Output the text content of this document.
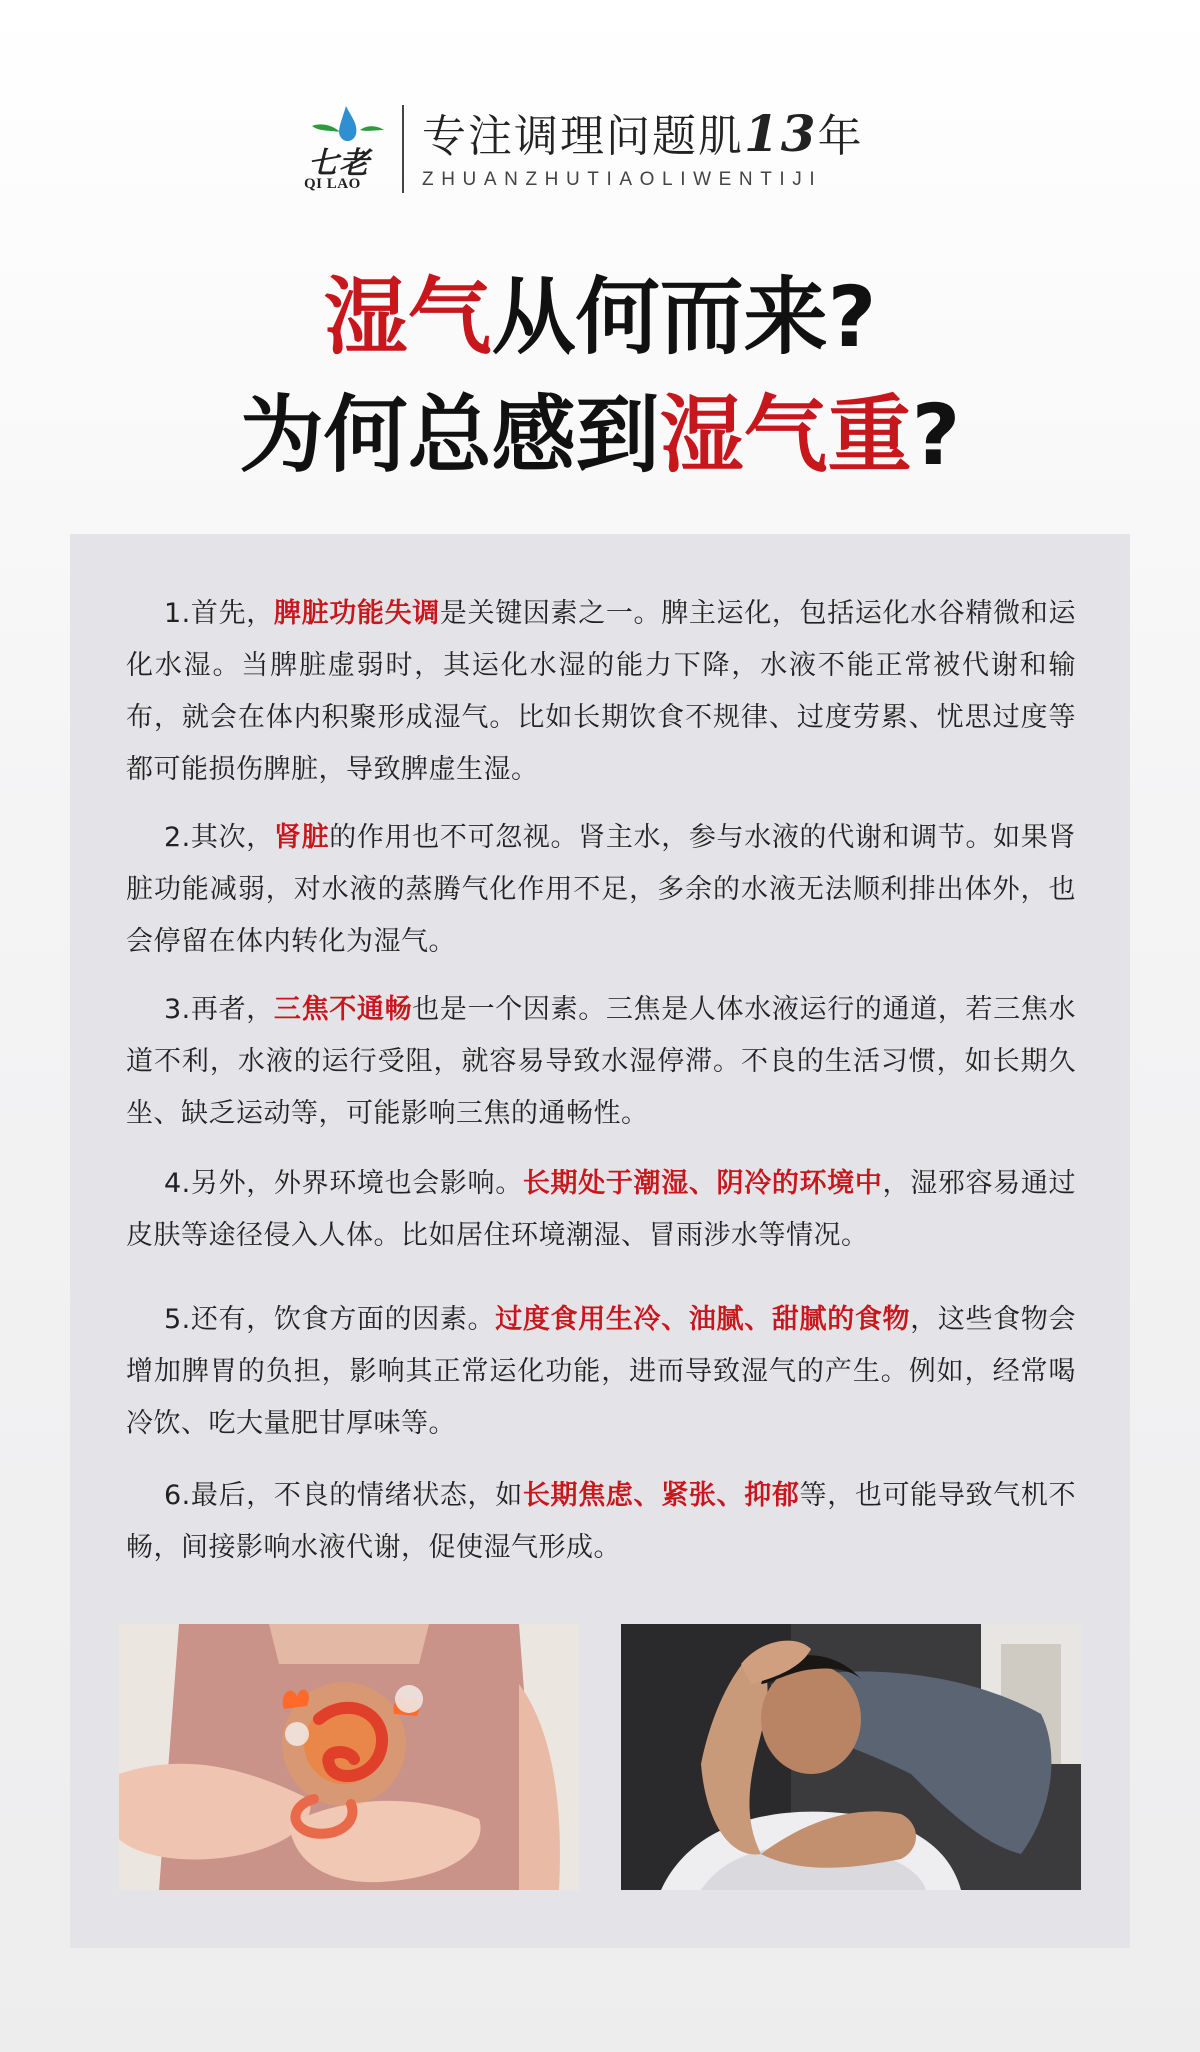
七老
QI LAO
专注调理问题肌13年
ZHUANZHUTIAOLIWENTIJI
湿气从何而来?
为何总感到湿气重?
1.首先，脾脏功能失调是关键因素之一。脾主运化，包括运化水谷精微和运化水湿。当脾脏虚弱时，其运化水湿的能力下降，水液不能正常被代谢和输布，就会在体内积聚形成湿气。比如长期饮食不规律、过度劳累、忧思过度等都可能损伤脾脏，导致脾虚生湿。
2.其次，肾脏的作用也不可忽视。肾主水，参与水液的代谢和调节。如果肾脏功能减弱，对水液的蒸腾气化作用不足，多余的水液无法顺利排出体外，也会停留在体内转化为湿气。
3.再者，三焦不通畅也是一个因素。三焦是人体水液运行的通道，若三焦水道不利，水液的运行受阻，就容易导致水湿停滞。不良的生活习惯，如长期久坐、缺乏运动等，可能影响三焦的通畅性。
4.另外，外界环境也会影响。长期处于潮湿、阴冷的环境中，湿邪容易通过皮肤等途径侵入人体。比如居住环境潮湿、冒雨涉水等情况。
5.还有，饮食方面的因素。过度食用生冷、油腻、甜腻的食物，这些食物会增加脾胃的负担，影响其正常运化功能，进而导致湿气的产生。例如，经常喝冷饮、吃大量肥甘厚味等。
6.最后，不良的情绪状态，如长期焦虑、紧张、抑郁等，也可能导致气机不畅，间接影响水液代谢，促使湿气形成。
